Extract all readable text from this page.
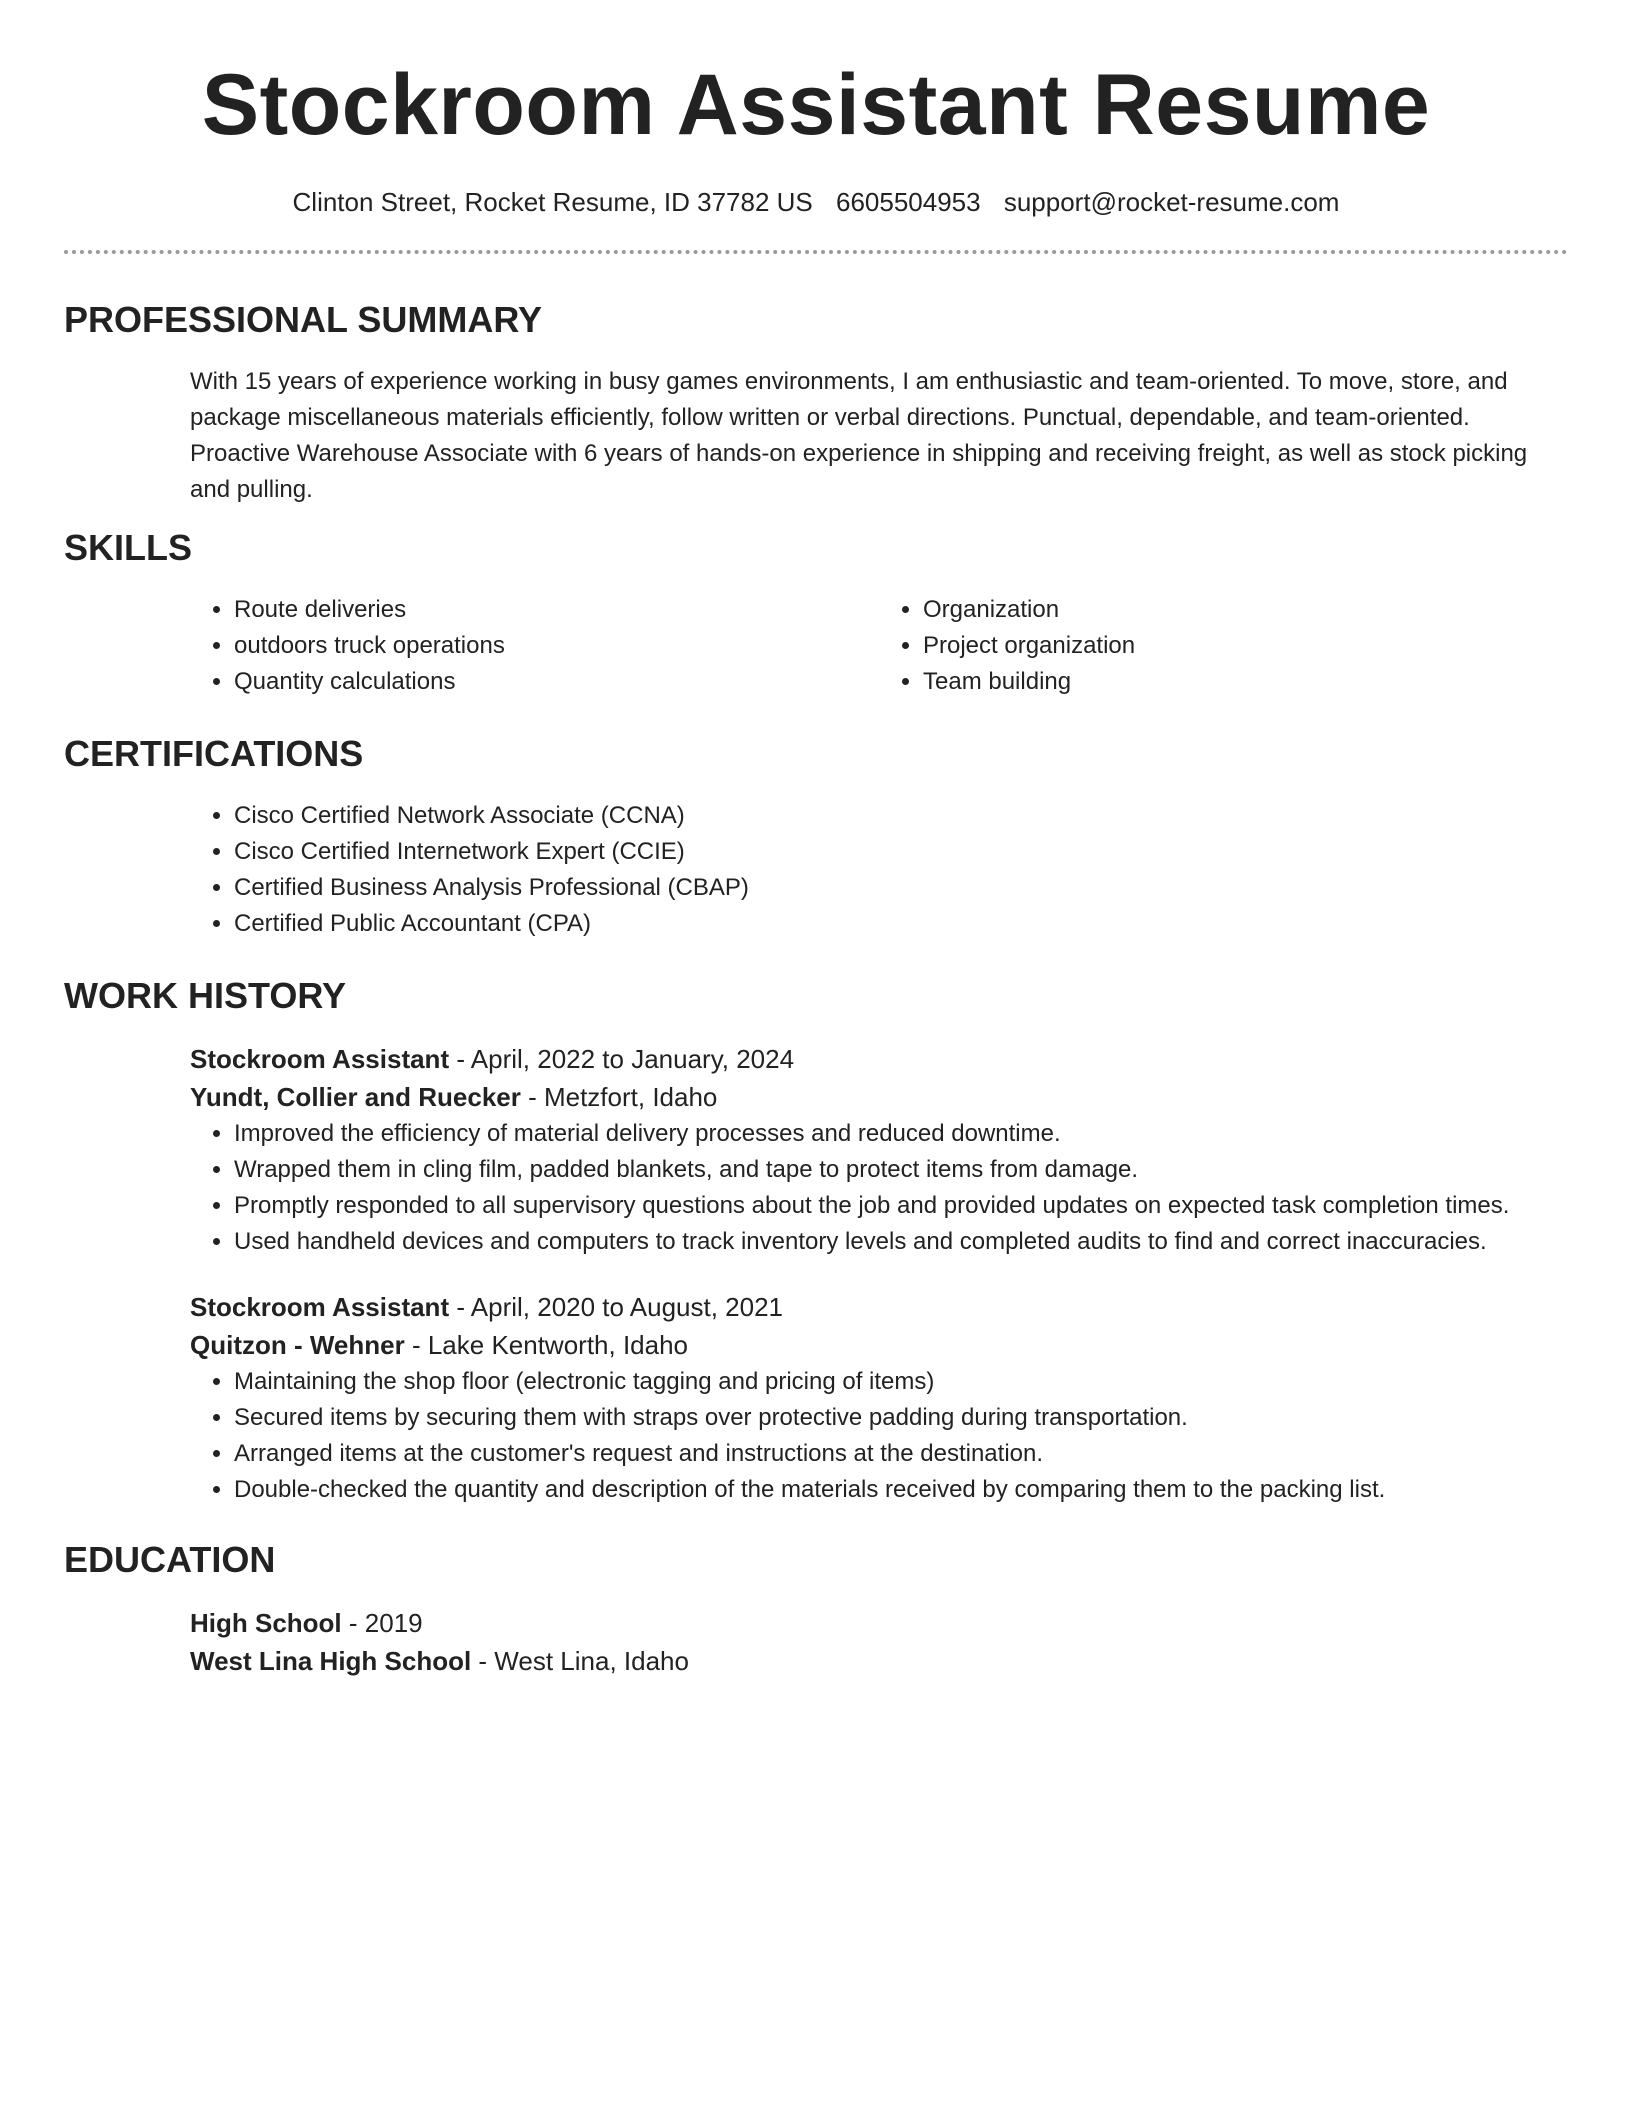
Stockroom Assistant Resume
Clinton Street, Rocket Resume, ID 37782 US 6605504953 support@rocket-resume.com
PROFESSIONAL SUMMARY

With 15 years of experience working in busy games environments, I am enthusiastic and team-oriented. To move, store, and package miscellaneous materials efficiently, follow written or verbal directions. Punctual, dependable, and team-oriented. Proactive Warehouse Associate with 6 years of hands-on experience in shipping and receiving freight, as well as stock picking and pulling.

SKILLS
• Route deliveries
• outdoors truck operations
• Quantity calculations
• Organization
• Project organization
• Team building
CERTIFICATIONS
• Cisco Certified Network Associate (CCNA)
• Cisco Certified Internetwork Expert (CCIE)
• Certified Business Analysis Professional (CBAP)
• Certified Public Accountant (CPA)
WORK HISTORY
Stockroom Assistant - April, 2022 to January, 2024
Yundt, Collier and Ruecker - Metzfort, Idaho
• Improved the efficiency of material delivery processes and reduced downtime.
• Wrapped them in cling film, padded blankets, and tape to protect items from damage.
• Promptly responded to all supervisory questions about the job and provided updates on expected task completion times.
• Used handheld devices and computers to track inventory levels and completed audits to find and correct inaccuracies.
Stockroom Assistant - April, 2020 to August, 2021
Quitzon - Wehner - Lake Kentworth, Idaho
• Maintaining the shop floor (electronic tagging and pricing of items)
• Secured items by securing them with straps over protective padding during transportation.
• Arranged items at the customer's request and instructions at the destination.
• Double-checked the quantity and description of the materials received by comparing them to the packing list.
EDUCATION
High School - 2019
West Lina High School - West Lina, Idaho
